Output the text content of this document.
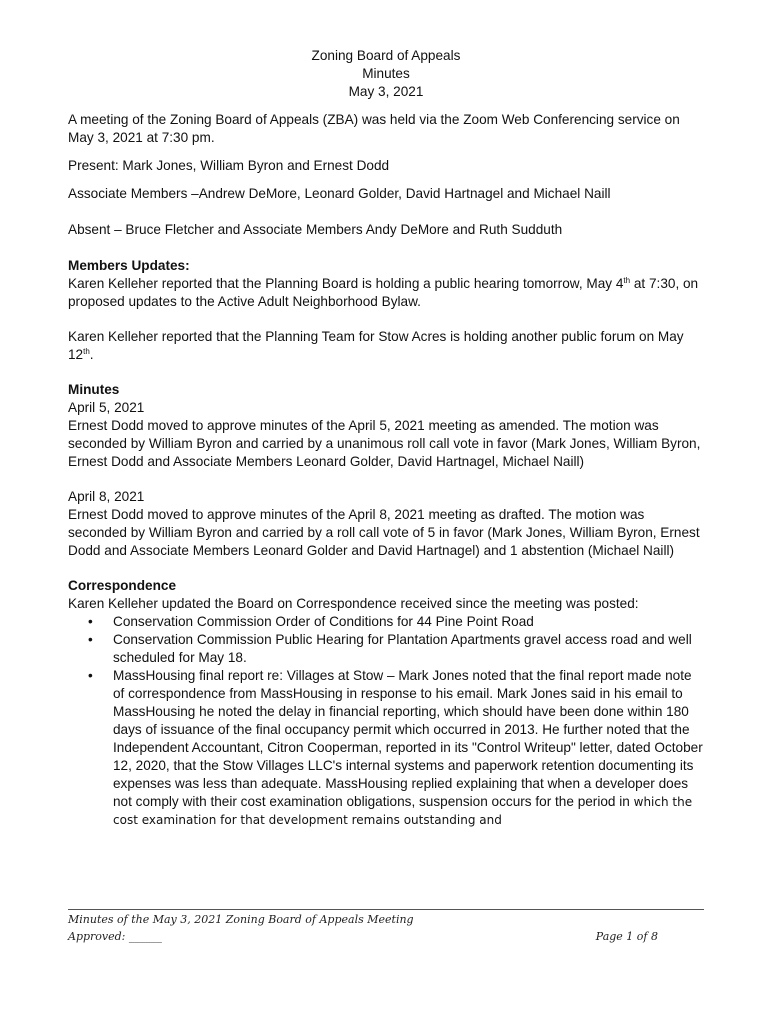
Zoning Board of Appeals

Minutes

May 3, 2021

A meeting of the Zoning Board of Appeals (ZBA) was held via the Zoom Web Conferencing service on May 3, 2021 at 7:30 pm.

Present: Mark Jones, William Byron and Ernest Dodd

Associate Members –Andrew DeMore, Leonard Golder, David Hartnagel and Michael Naill

Absent – Bruce Fletcher and Associate Members Andy DeMore and Ruth Sudduth

Members Updates:

Karen Kelleher reported that the Planning Board is holding a public hearing tomorrow, May 4th at 7:30, on proposed updates to the Active Adult Neighborhood Bylaw.

Karen Kelleher reported that the Planning Team for Stow Acres is holding another public forum on May 12th.

Minutes

April 5, 2021

Ernest Dodd moved to approve minutes of the April 5, 2021 meeting as amended. The motion was seconded by William Byron and carried by a unanimous roll call vote in favor (Mark Jones, William Byron, Ernest Dodd and Associate Members Leonard Golder, David Hartnagel, Michael Naill)

April 8, 2021

Ernest Dodd moved to approve minutes of the April 8, 2021 meeting as drafted. The motion was seconded by William Byron and carried by a roll call vote of 5 in favor (Mark Jones, William Byron, Ernest Dodd and Associate Members Leonard Golder and David Hartnagel) and 1 abstention (Michael Naill)

Correspondence

Karen Kelleher updated the Board on Correspondence received since the meeting was posted:

• Conservation Commission Order of Conditions for 44 Pine Point Road
• Conservation Commission Public Hearing for Plantation Apartments gravel access road and well scheduled for May 18.
• MassHousing final report re: Villages at Stow – Mark Jones noted that the final report made note of correspondence from MassHousing in response to his email. Mark Jones said in his email to MassHousing he noted the delay in financial reporting, which should have been done within 180 days of issuance of the final occupancy permit which occurred in 2013. He further noted that the Independent Accountant, Citron Cooperman, reported in its "Control Writeup" letter, dated October 12, 2020, that the Stow Villages LLC's internal systems and paperwork retention documenting its expenses was less than adequate. MassHousing replied explaining that when a developer does not comply with their cost examination obligations, suspension occurs for the period in which the cost examination for that development remains outstanding and
Minutes of the May 3, 2021 Zoning Board of Appeals Meeting
Approved: ______	Page 1 of 8
